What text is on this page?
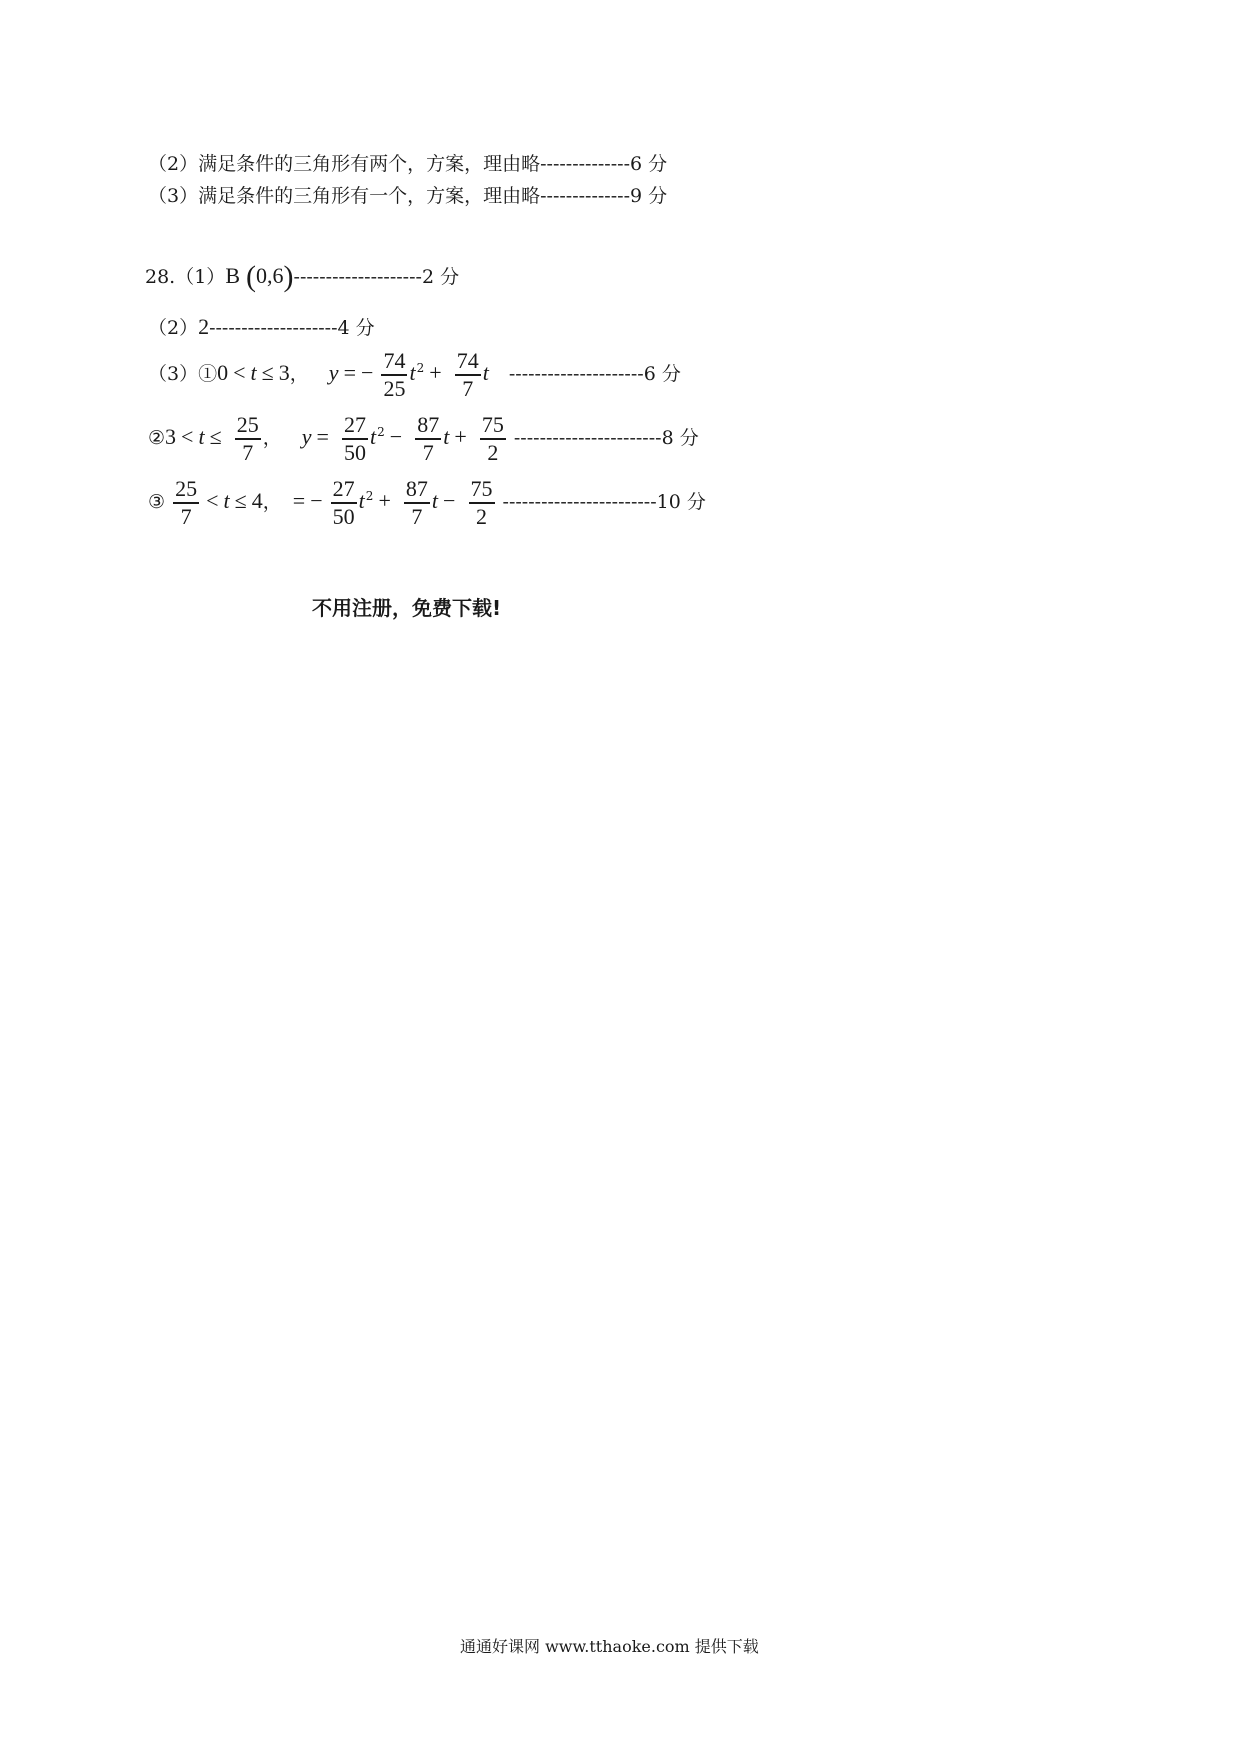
（2）满足条件的三角形有两个，方案，理由略--------------6 分
（3）满足条件的三角形有一个，方案，理由略--------------9 分
28.（1）B (0,6)--------------------2 分
（2）2--------------------4 分
（3）①0 < t ≤ 3， y = − $\frac{74}{25} t^2 + \frac{74}{7}$ t ---------------------6 分
②3 < $t \le \frac{25}{7}$ ， $y = \frac{27}{50} t^2 - \frac{87}{7}$ $t + \frac{75}{2} -----------------------8$ 分
③ $\frac{25}{7} < t \le 4$， = − $\frac{27}{50} t^2 + \frac{87}{7}$ $t - \frac{75}{2} ------------------------10$ 分
不用注册，免费下载!
通通好课网 www.tthaoke.com 提供下载
